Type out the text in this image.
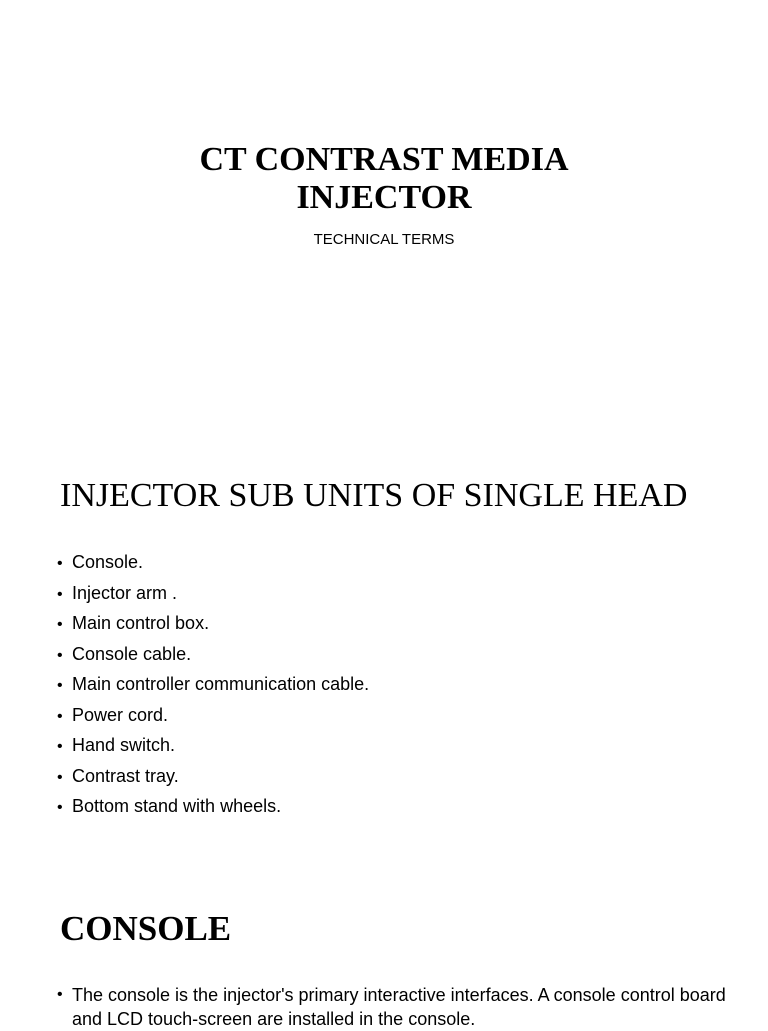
CT CONTRAST MEDIA
INJECTOR
TECHNICAL TERMS
INJECTOR SUB UNITS OF SINGLE HEAD
• Console.
• Injector arm .
• Main control box.
• Console cable.
• Main controller communication cable.
• Power cord.
• Hand switch.
• Contrast tray.
• Bottom stand with wheels.
CONSOLE
• The console is the injector's primary interactive interfaces. A console control board and LCD touch-screen are installed in the console.
